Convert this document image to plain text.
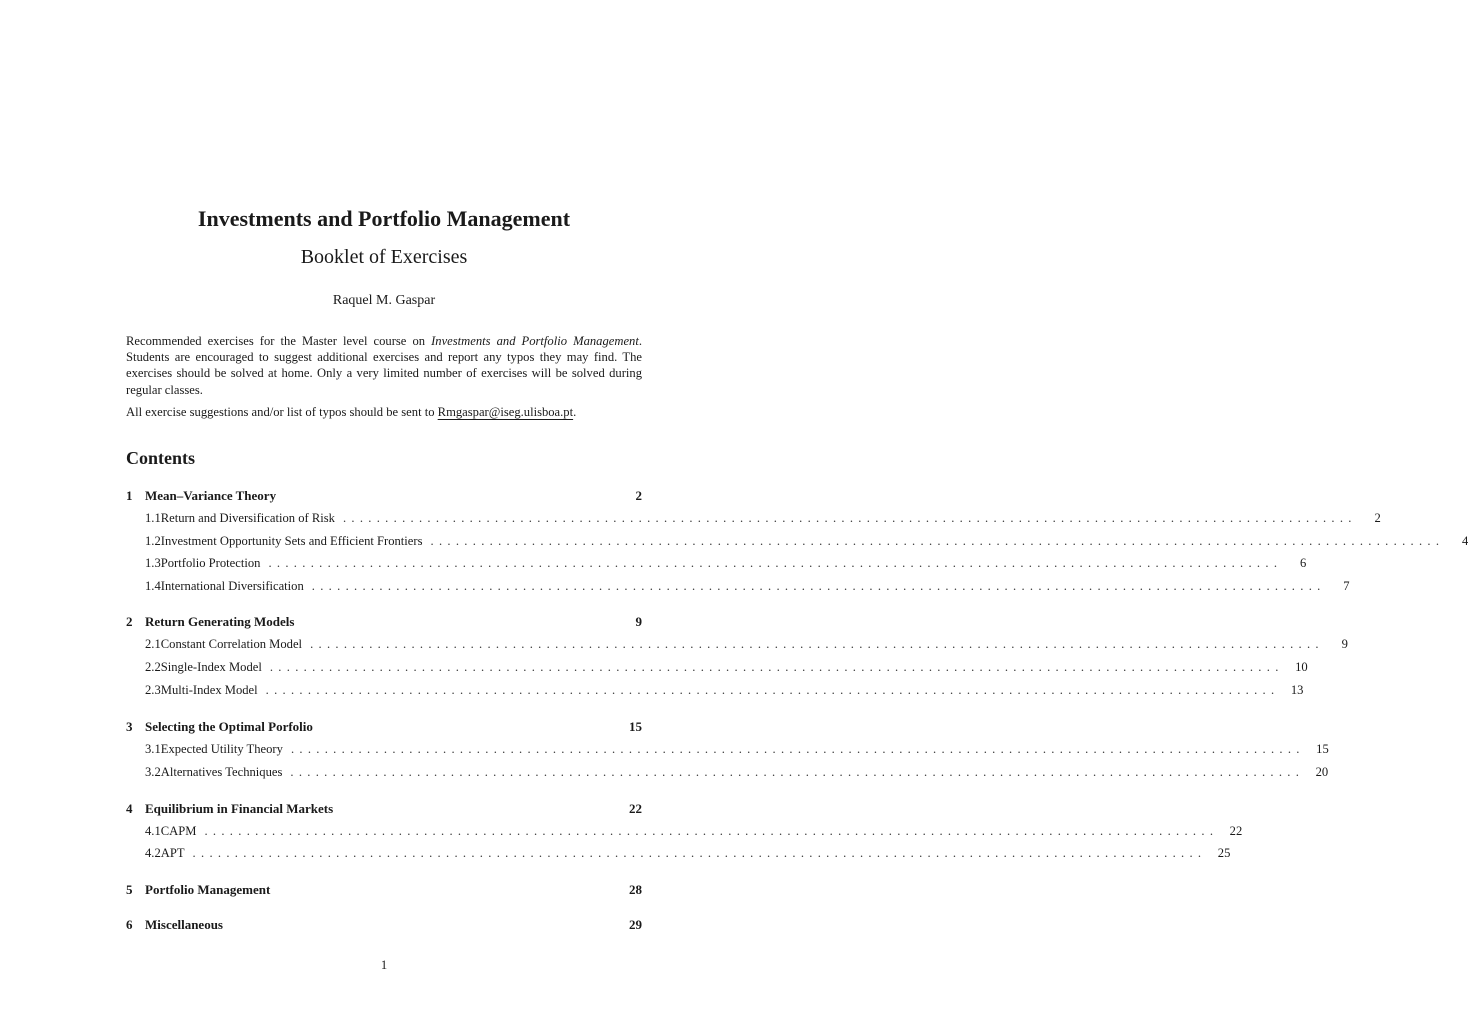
Investments and Portfolio Management
Booklet of Exercises
Raquel M. Gaspar

Recommended exercises for the Master level course on Investments and Portfolio Management. Students are encouraged to suggest additional exercises and report any typos they may find. The exercises should be solved at home. Only a very limited number of exercises will be solved during regular classes.

All exercise suggestions and/or list of typos should be sent to Rmgaspar@iseg.ulisboa.pt.

Contents
1 Mean–Variance Theory	2
1.1 Return and Diversification of Risk ........................................................................................................................	2
1.2 Investment Opportunity Sets and Efficient Frontiers ........................................................................................................................	4
1.3 Portfolio Protection ........................................................................................................................	6
1.4 International Diversification ........................................................................................................................	7
2 Return Generating Models	9
2.1 Constant Correlation Model ........................................................................................................................	9
2.2 Single-Index Model ........................................................................................................................ 10
2.3 Multi-Index Model ........................................................................................................................ 13
3 Selecting the Optimal Porfolio	15
3.1 Expected Utility Theory ........................................................................................................................ 15
3.2 Alternatives Techniques ........................................................................................................................ 20
4 Equilibrium in Financial Markets	22
4.1 CAPM ........................................................................................................................ 22
4.2 APT ........................................................................................................................ 25
5 Portfolio Management	28
6 Miscellaneous	29
1
